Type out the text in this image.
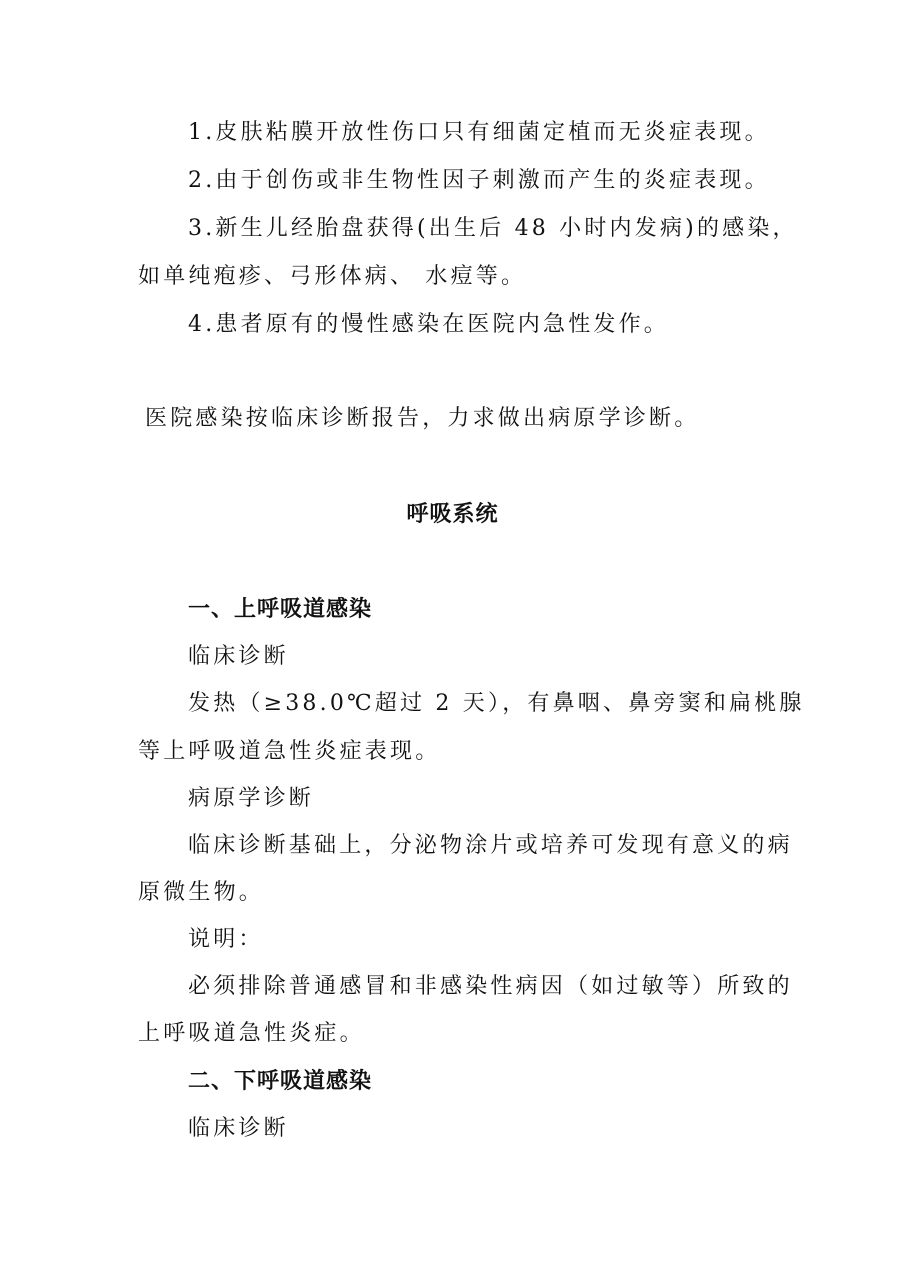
1.皮肤粘膜开放性伤口只有细菌定植而无炎症表现。

2.由于创伤或非生物性因子刺激而产生的炎症表现。

3.新生儿经胎盘获得(出生后 48 小时内发病)的感染，

如单纯疱疹、弓形体病、 水痘等。

4.患者原有的慢性感染在医院内急性发作。

医院感染按临床诊断报告，力求做出病原学诊断。

呼吸系统

一、上呼吸道感染

临床诊断

发热（≥38.0℃超过 2 天），有鼻咽、鼻旁窦和扁桃腺

等上呼吸道急性炎症表现。

病原学诊断

临床诊断基础上，分泌物涂片或培养可发现有意义的病

原微生物。

说明：

必须排除普通感冒和非感染性病因（如过敏等）所致的

上呼吸道急性炎症。

二、下呼吸道感染

临床诊断
